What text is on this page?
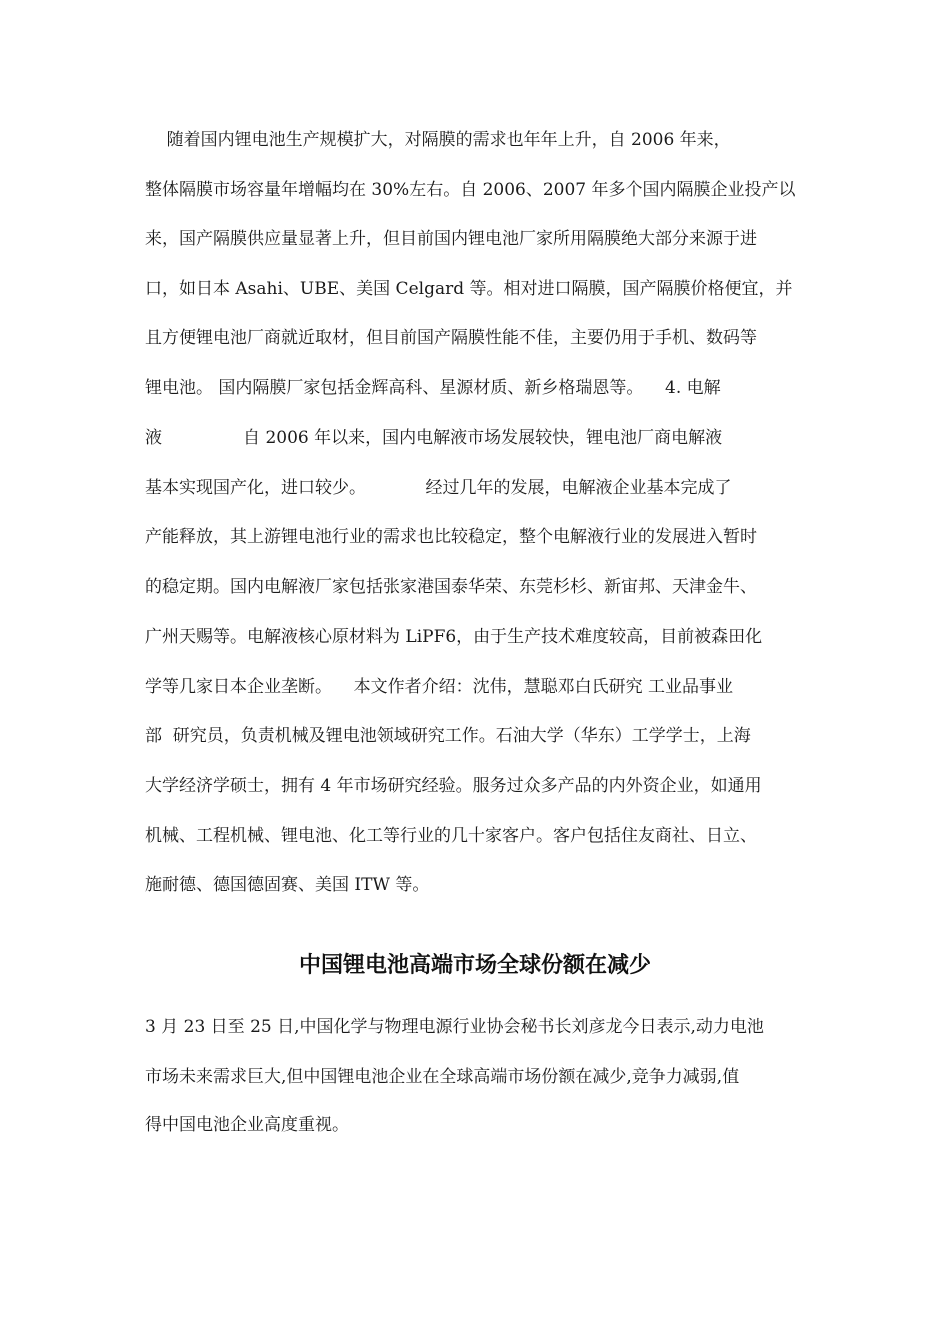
随着国内锂电池生产规模扩大，对隔膜的需求也年年上升，自 2006 年来，
整体隔膜市场容量年增幅均在 30%左右。自 2006、2007 年多个国内隔膜企业投产以
来，国产隔膜供应量显著上升，但目前国内锂电池厂家所用隔膜绝大部分来源于进
口，如日本 Asahi、UBE、美国 Celgard 等。相对进口隔膜，国产隔膜价格便宜，并
且方便锂电池厂商就近取材，但目前国产隔膜性能不佳，主要仍用于手机、数码等
锂电池。 国内隔膜厂家包括金辉高科、星源材质、新乡格瑞恩等。    4. 电解
液               自 2006 年以来，国内电解液市场发展较快，锂电池厂商电解液
基本实现国产化，进口较少。           经过几年的发展，电解液企业基本完成了
产能释放，其上游锂电池行业的需求也比较稳定，整个电解液行业的发展进入暂时
的稳定期。国内电解液厂家包括张家港国泰华荣、东莞杉杉、新宙邦、天津金牛、
广州天赐等。电解液核心原材料为 LiPF6，由于生产技术难度较高，目前被森田化
学等几家日本企业垄断。    本文作者介绍：沈伟，慧聪邓白氏研究 工业品事业
部  研究员，负责机械及锂电池领域研究工作。石油大学（华东）工学学士，上海
大学经济学硕士，拥有 4 年市场研究经验。服务过众多产品的内外资企业，如通用
机械、工程机械、锂电池、化工等行业的几十家客户。客户包括住友商社、日立、
施耐德、德国德固赛、美国 ITW 等。
中国锂电池高端市场全球份额在减少
3 月 23 日至 25 日,中国化学与物理电源行业协会秘书长刘彦龙今日表示,动力电池
市场未来需求巨大,但中国锂电池企业在全球高端市场份额在减少,竞争力减弱,值
得中国电池企业高度重视。
